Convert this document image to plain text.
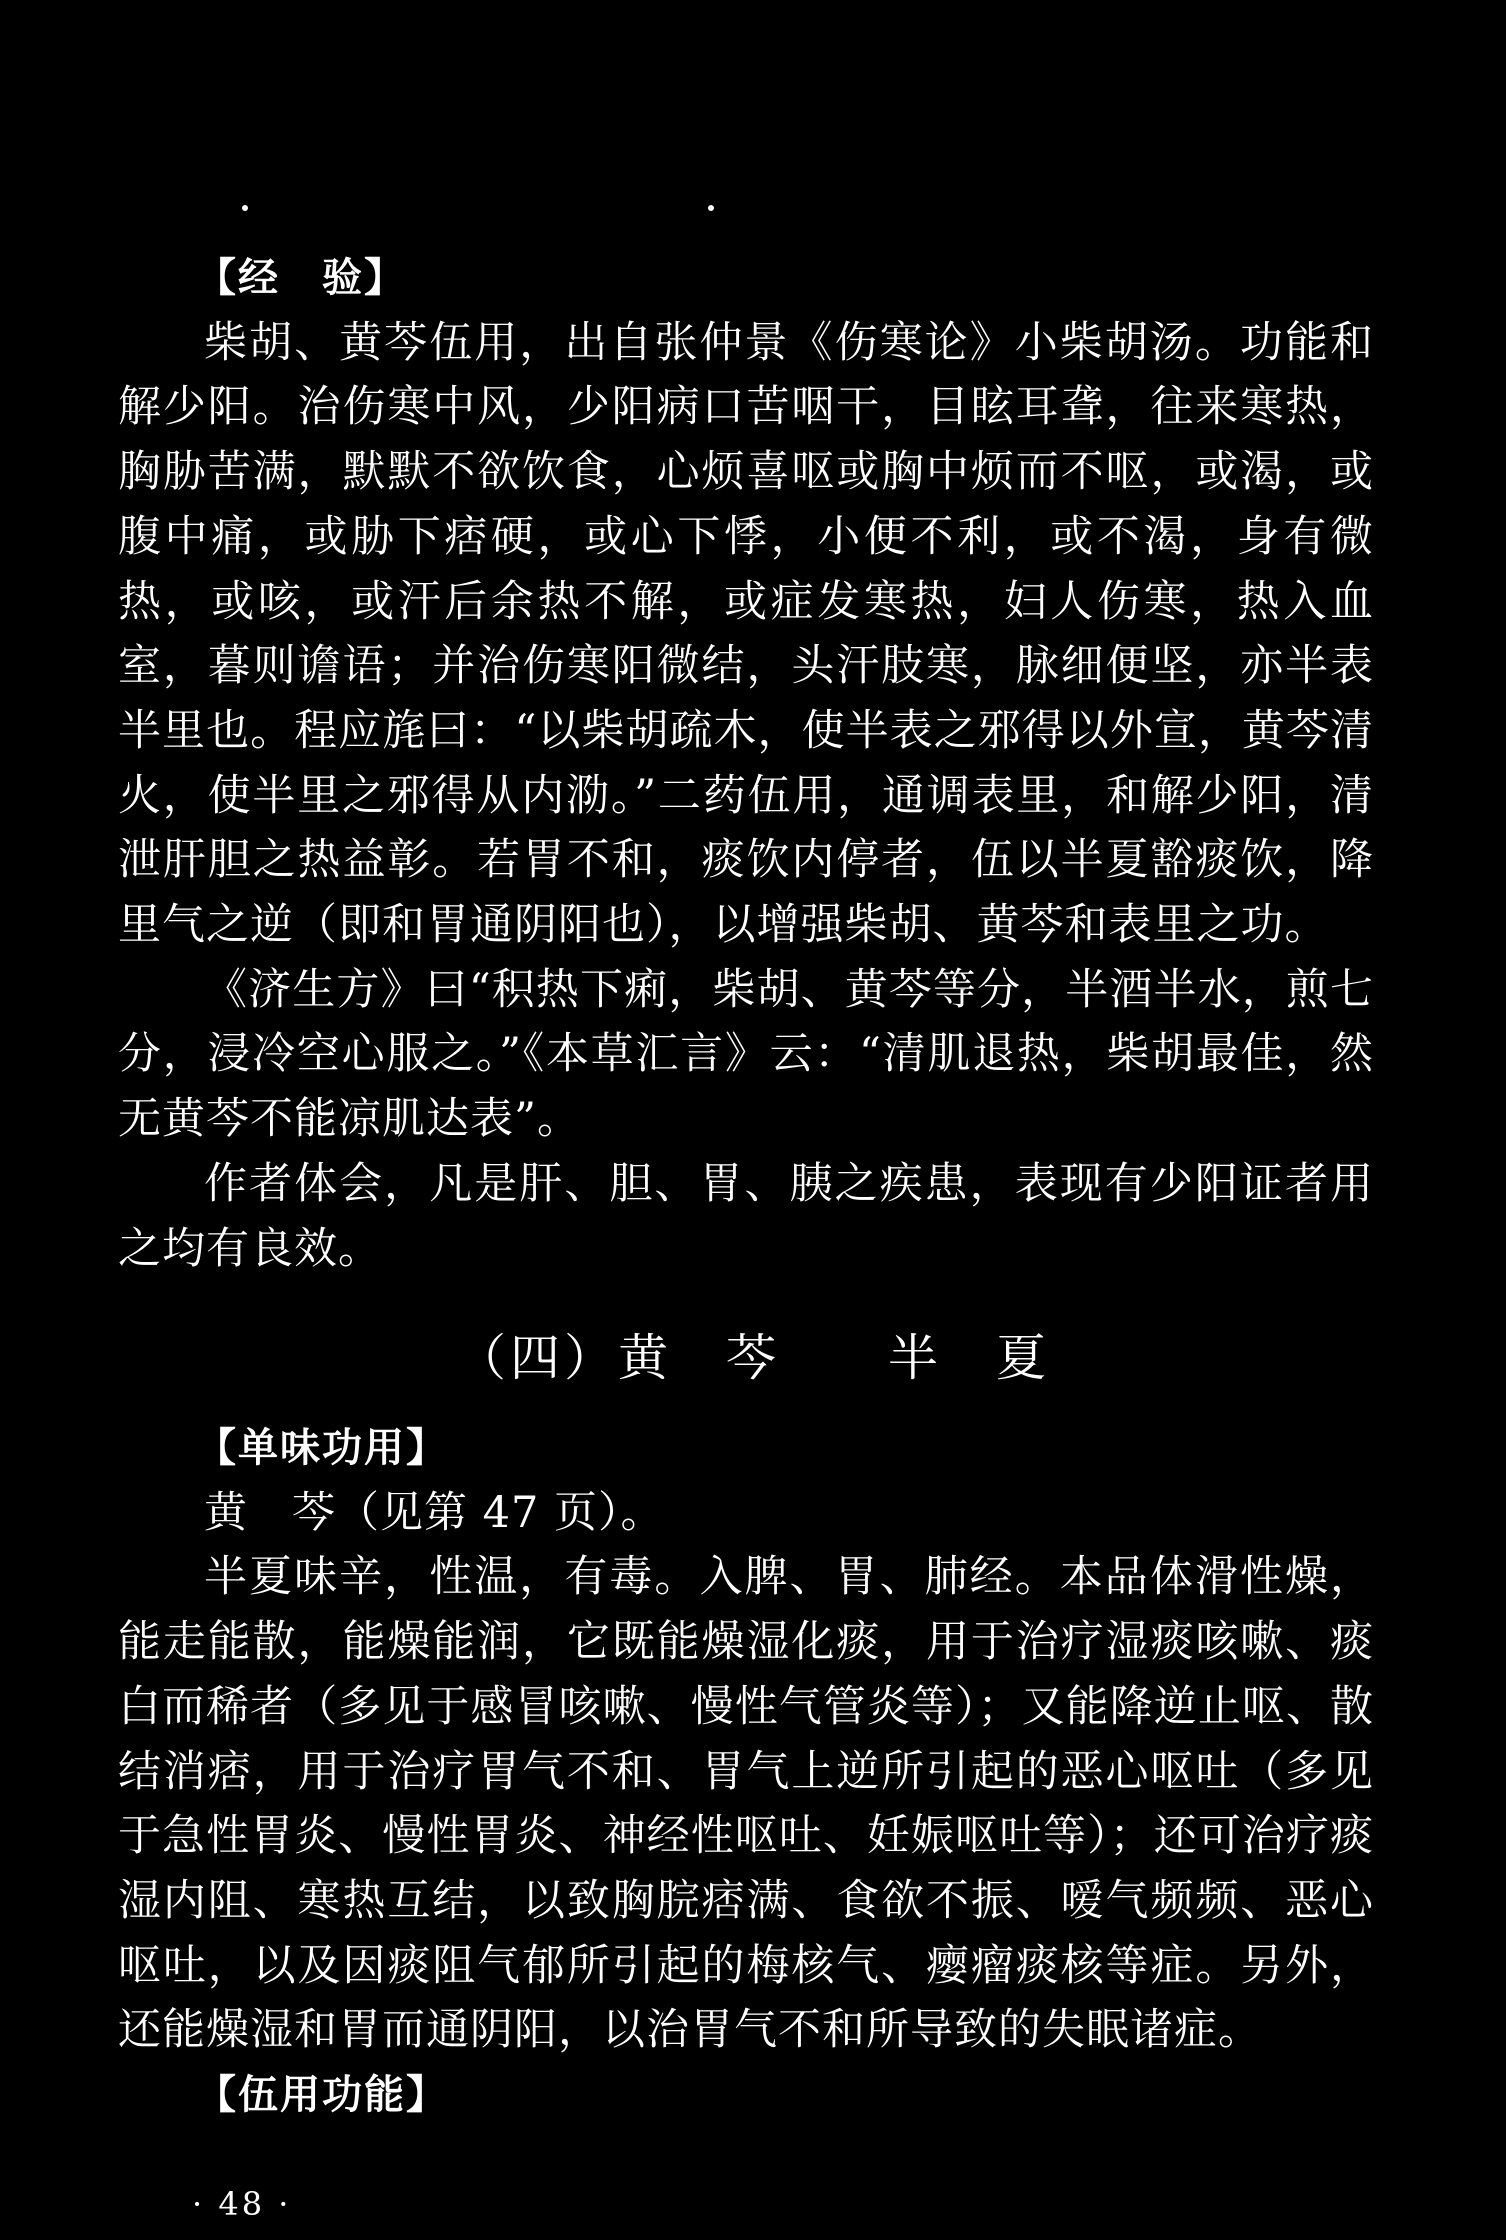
【经　验】

柴胡、黄芩伍用，出自张仲景《伤寒论》小柴胡汤。功能和解少阳。治伤寒中风，少阳病口苦咽干，目眩耳聋，往来寒热，胸胁苦满，默默不欲饮食，心烦喜呕或胸中烦而不呕，或渴，或腹中痛，或胁下痞硬，或心下悸，小便不利，或不渴，身有微热，或咳，或汗后余热不解，或症发寒热，妇人伤寒，热入血室，暮则谵语；并治伤寒阳微结，头汗肢寒，脉细便坚，亦半表半里也。程应旄曰：“以柴胡疏木，使半表之邪得以外宣，黄芩清火，使半里之邪得从内泐。”二药伍用，通调表里，和解少阳，清泄肝胆之热益彰。若胃不和，痰饮内停者，伍以半夏豁痰饮，降里气之逆（即和胃通阴阳也），以增强柴胡、黄芩和表里之功。

《济生方》曰“积热下痢，柴胡、黄芩等分，半酒半水，煎七分，浸冷空心服之。”《本草汇言》云：“清肌退热，柴胡最佳，然无黄芩不能凉肌达表”。

作者体会，凡是肝、胆、胃、胰之疾患，表现有少阳证者用之均有良效。

（四）黄　芩　　半　夏

【单味功用】

黄　芩（见第 47 页）。

半夏味辛，性温，有毒。入脾、胃、肺经。本品体滑性燥，能走能散，能燥能润，它既能燥湿化痰，用于治疗湿痰咳嗽、痰白而稀者（多见于感冒咳嗽、慢性气管炎等）；又能降逆止呕、散结消痞，用于治疗胃气不和、胃气上逆所引起的恶心呕吐（多见于急性胃炎、慢性胃炎、神经性呕吐、妊娠呕吐等）；还可治疗痰湿内阻、寒热互结，以致胸脘痞满、食欲不振、嗳气频频、恶心呕吐，以及因痰阻气郁所引起的梅核气、瘿瘤痰核等症。另外，还能燥湿和胃而通阴阳，以治胃气不和所导致的失眠诸症。

【伍用功能】

· 48 ·
